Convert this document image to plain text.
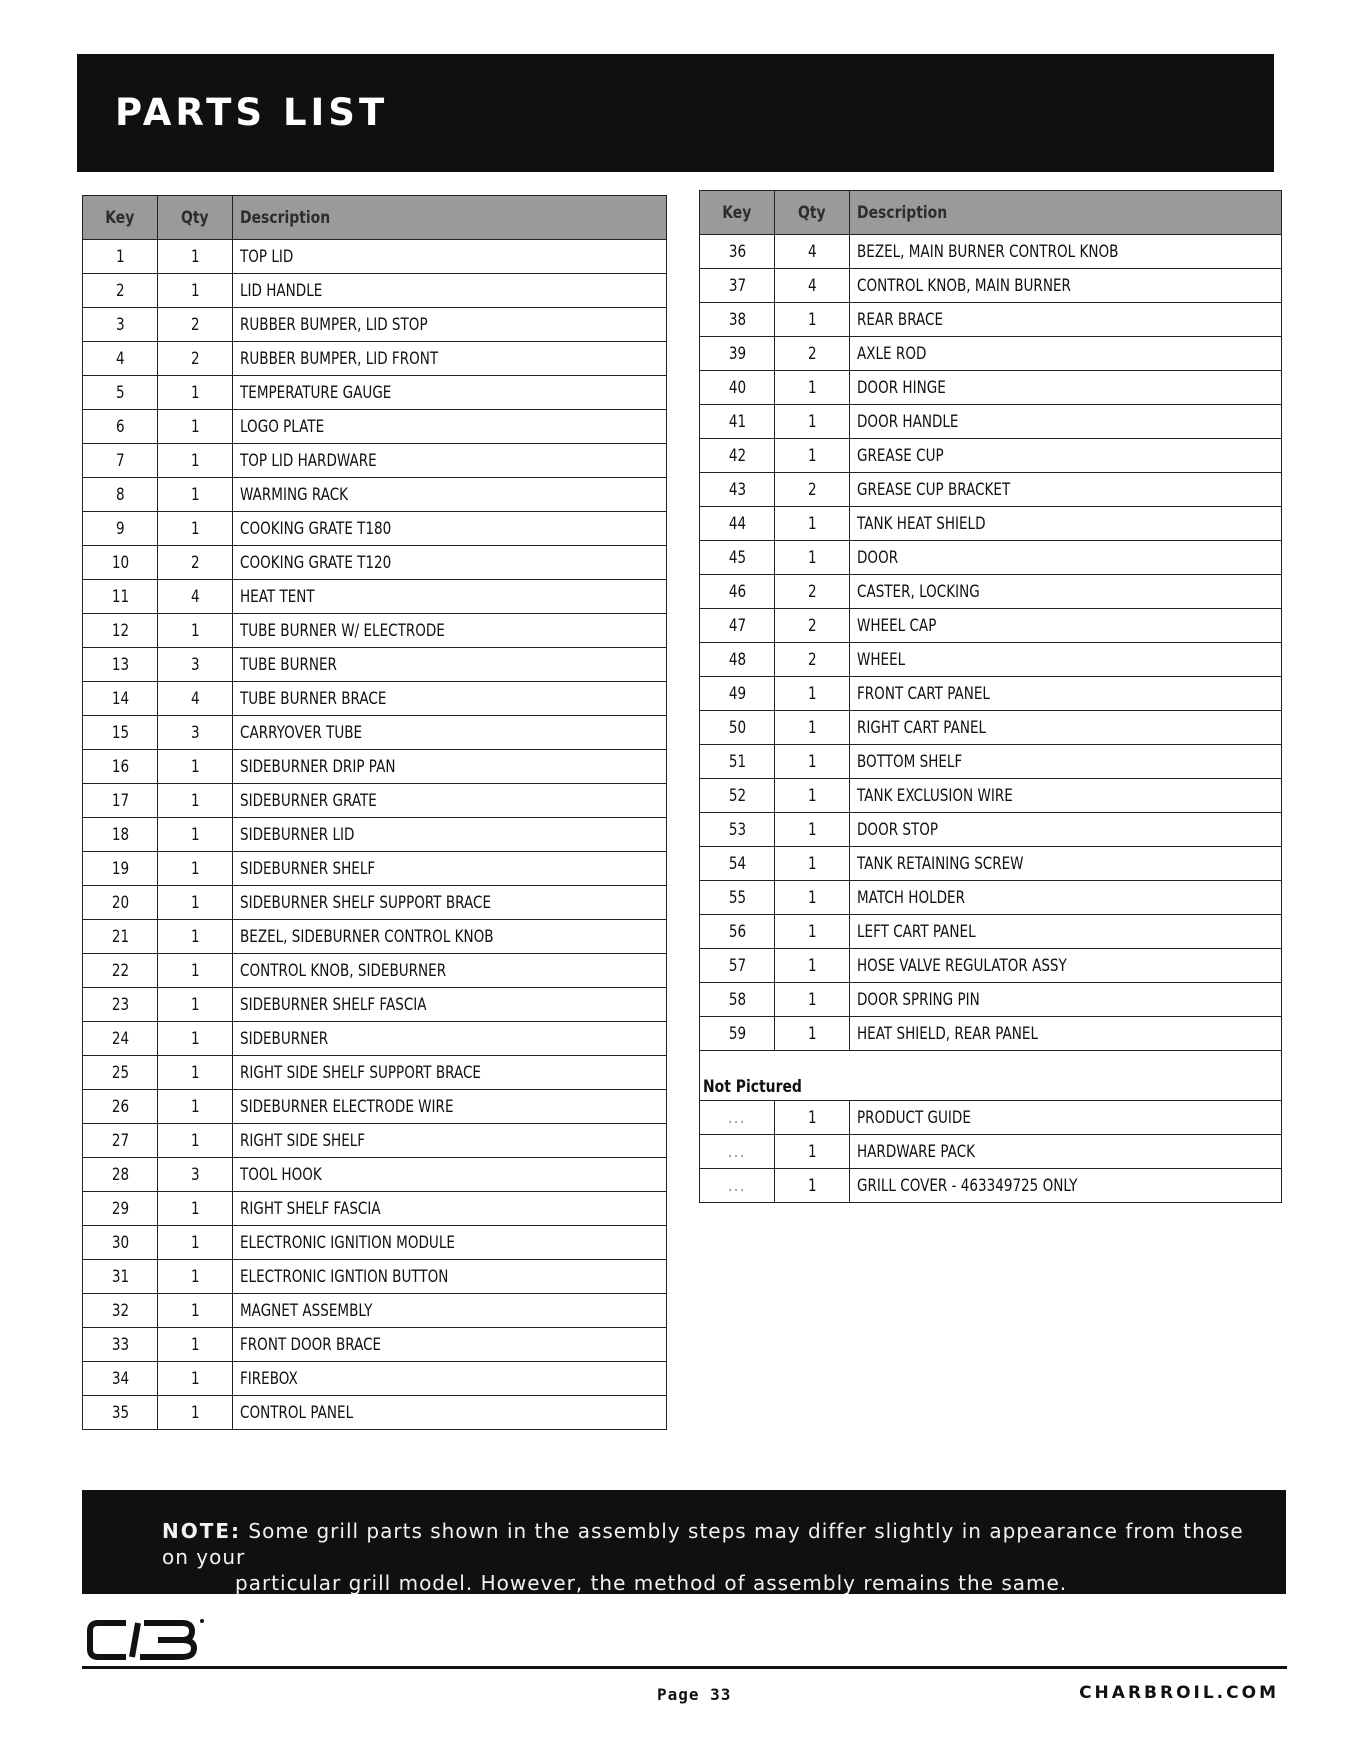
PARTS LIST
Key	Qty	Description
1	1	TOP LID
2	1	LID HANDLE
3	2	RUBBER BUMPER, LID STOP
4	2	RUBBER BUMPER, LID FRONT
5	1	TEMPERATURE GAUGE
6	1	LOGO PLATE
7	1	TOP LID HARDWARE
8	1	WARMING RACK
9	1	COOKING GRATE T180
10	2	COOKING GRATE T120
11	4	HEAT TENT
12	1	TUBE BURNER W/ ELECTRODE
13	3	TUBE BURNER
14	4	TUBE BURNER BRACE
15	3	CARRYOVER TUBE
16	1	SIDEBURNER DRIP PAN
17	1	SIDEBURNER GRATE
18	1	SIDEBURNER LID
19	1	SIDEBURNER SHELF
20	1	SIDEBURNER SHELF SUPPORT BRACE
21	1	BEZEL, SIDEBURNER CONTROL KNOB
22	1	CONTROL KNOB, SIDEBURNER
23	1	SIDEBURNER SHELF FASCIA
24	1	SIDEBURNER
25	1	RIGHT SIDE SHELF SUPPORT BRACE
26	1	SIDEBURNER ELECTRODE WIRE
27	1	RIGHT SIDE SHELF
28	3	TOOL HOOK
29	1	RIGHT SHELF FASCIA
30	1	ELECTRONIC IGNITION MODULE
31	1	ELECTRONIC IGNTION BUTTON
32	1	MAGNET ASSEMBLY
33	1	FRONT DOOR BRACE
34	1	FIREBOX
35	1	CONTROL PANEL
Key	Qty	Description
36	4	BEZEL, MAIN BURNER CONTROL KNOB
37	4	CONTROL KNOB, MAIN BURNER
38	1	REAR BRACE
39	2	AXLE ROD
40	1	DOOR HINGE
41	1	DOOR HANDLE
42	1	GREASE CUP
43	2	GREASE CUP BRACKET
44	1	TANK HEAT SHIELD
45	1	DOOR
46	2	CASTER, LOCKING
47	2	WHEEL CAP
48	2	WHEEL
49	1	FRONT CART PANEL
50	1	RIGHT CART PANEL
51	1	BOTTOM SHELF
52	1	TANK EXCLUSION WIRE
53	1	DOOR STOP
54	1	TANK RETAINING SCREW
55	1	MATCH HOLDER
56	1	LEFT CART PANEL
57	1	HOSE VALVE REGULATOR ASSY
58	1	DOOR SPRING PIN
59	1	HEAT SHIELD, REAR PANEL
Not Pictured		
...	1	PRODUCT GUIDE
...	1	HARDWARE PACK
...	1	GRILL COVER - 463349725 ONLY
NOTE: Some grill parts shown in the assembly steps may differ slightly in appearance from those on your
particular grill model. However, the method of assembly remains the same.
Page 33	CHARBROIL.COM
